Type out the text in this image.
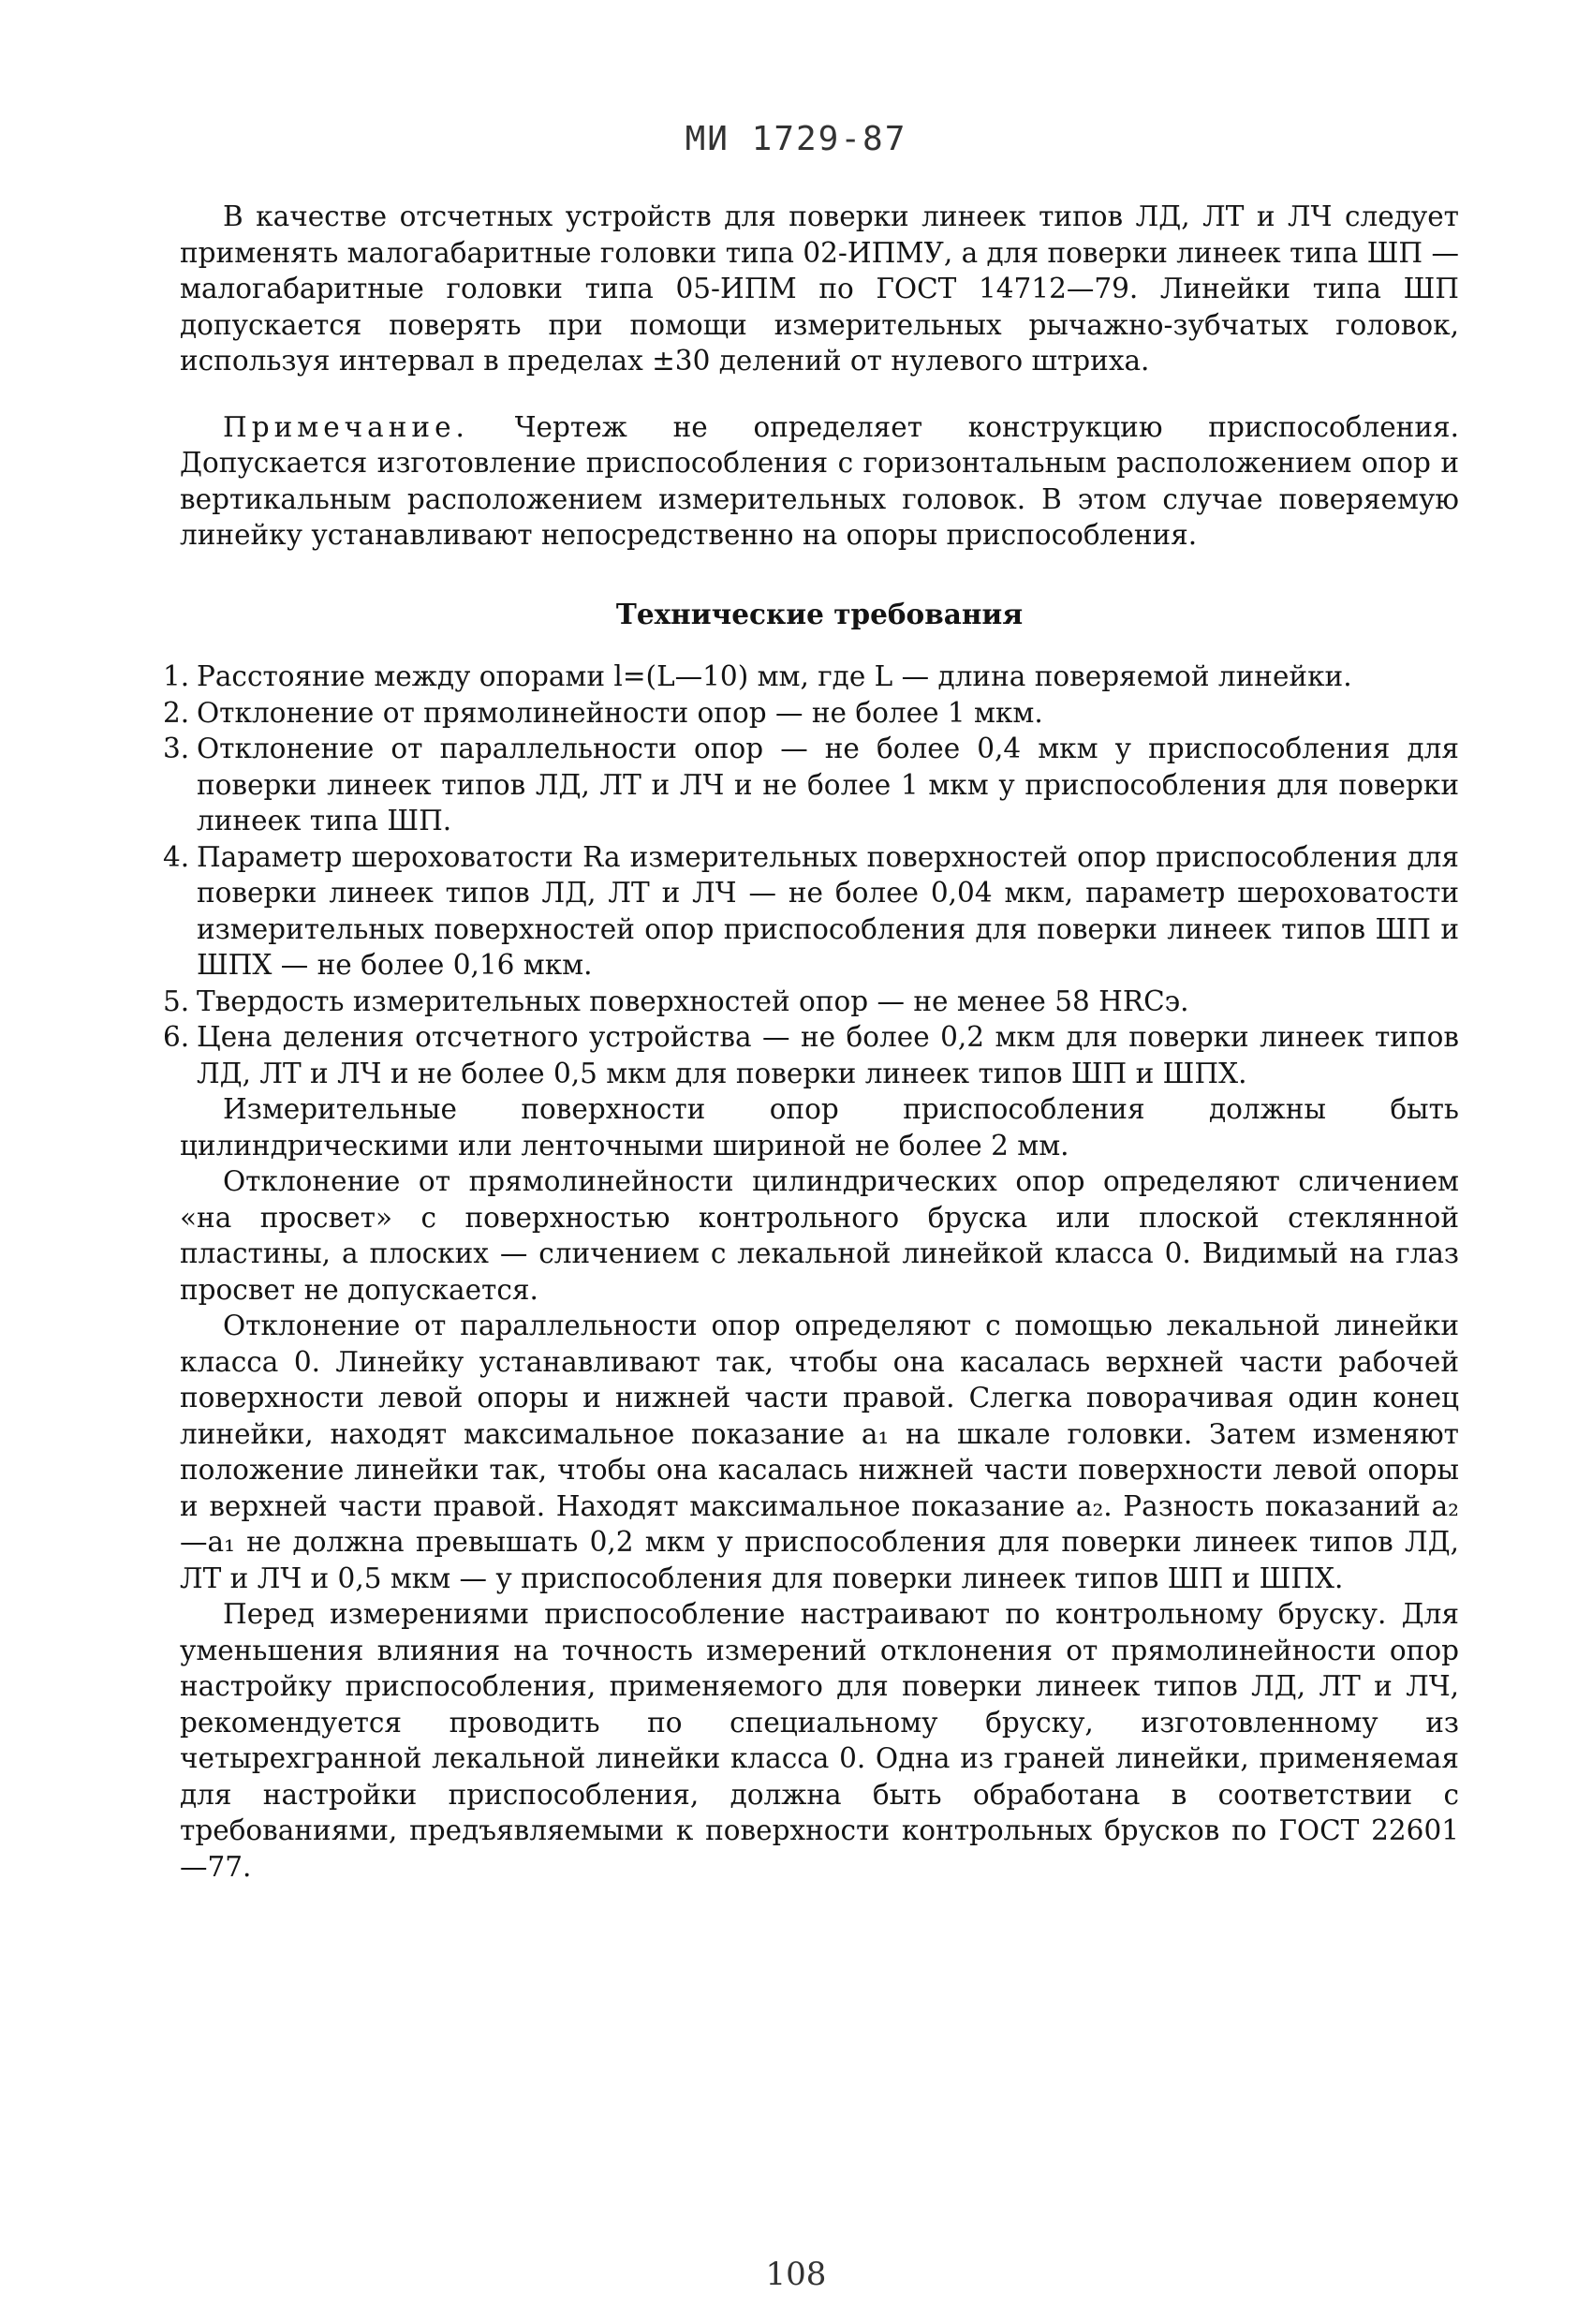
МИ 1729-87

В качестве отсчетных устройств для поверки линеек типов ЛД, ЛТ и ЛЧ следует применять малогабаритные головки типа 02-ИПМУ, а для поверки линеек типа ШП — малогабаритные головки типа 05-ИПМ по ГОСТ 14712—79. Линейки типа ШП допускается поверять при помощи измерительных рычажно-зубчатых головок, используя интервал в пределах ±30 делений от нулевого штриха.

Примечание. Чертеж не определяет конструкцию приспособления. Допускается изготовление приспособления с горизонтальным расположением опор и вертикальным расположением измерительных головок. В этом случае поверяемую линейку устанавливают непосредственно на опоры приспособления.

Технические требования

1. Расстояние между опорами l=(L—10) мм, где L — длина поверяемой линейки.
2. Отклонение от прямолинейности опор — не более 1 мкм.
3. Отклонение от параллельности опор — не более 0,4 мкм у приспособления для поверки линеек типов ЛД, ЛТ и ЛЧ и не более 1 мкм у приспособления для поверки линеек типа ШП.
4. Параметр шероховатости Ra измерительных поверхностей опор приспособления для поверки линеек типов ЛД, ЛТ и ЛЧ — не более 0,04 мкм, параметр шероховатости измерительных поверхностей опор приспособления для поверки линеек типов ШП и ШПХ — не более 0,16 мкм.
5. Твердость измерительных поверхностей опор — не менее 58 HRCэ.
6. Цена деления отсчетного устройства — не более 0,2 мкм для поверки линеек типов ЛД, ЛТ и ЛЧ и не более 0,5 мкм для поверки линеек типов ШП и ШПХ.

Измерительные поверхности опор приспособления должны быть цилиндрическими или ленточными шириной не более 2 мм.

Отклонение от прямолинейности цилиндрических опор определяют сличением «на просвет» с поверхностью контрольного бруска или плоской стеклянной пластины, а плоских — сличением с лекальной линейкой класса 0. Видимый на глаз просвет не допускается.

Отклонение от параллельности опор определяют с помощью лекальной линейки класса 0. Линейку устанавливают так, чтобы она касалась верхней части рабочей поверхности левой опоры и нижней части правой. Слегка поворачивая один конец линейки, находят максимальное показание a₁ на шкале головки. Затем изменяют положение линейки так, чтобы она касалась нижней части поверхности левой опоры и верхней части правой. Находят максимальное показание a₂. Разность показаний a₂—a₁ не должна превышать 0,2 мкм у приспособления для поверки линеек типов ЛД, ЛТ и ЛЧ и 0,5 мкм — у приспособления для поверки линеек типов ШП и ШПХ.

Перед измерениями приспособление настраивают по контрольному бруску. Для уменьшения влияния на точность измерений отклонения от прямолинейности опор настройку приспособления, применяемого для поверки линеек типов ЛД, ЛТ и ЛЧ, рекомендуется проводить по специальному бруску, изготовленному из четырехгранной лекальной линейки класса 0. Одна из граней линейки, применяемая для настройки приспособления, должна быть обработана в соответствии с требованиями, предъявляемыми к поверхности контрольных брусков по ГОСТ 22601—77.

108
